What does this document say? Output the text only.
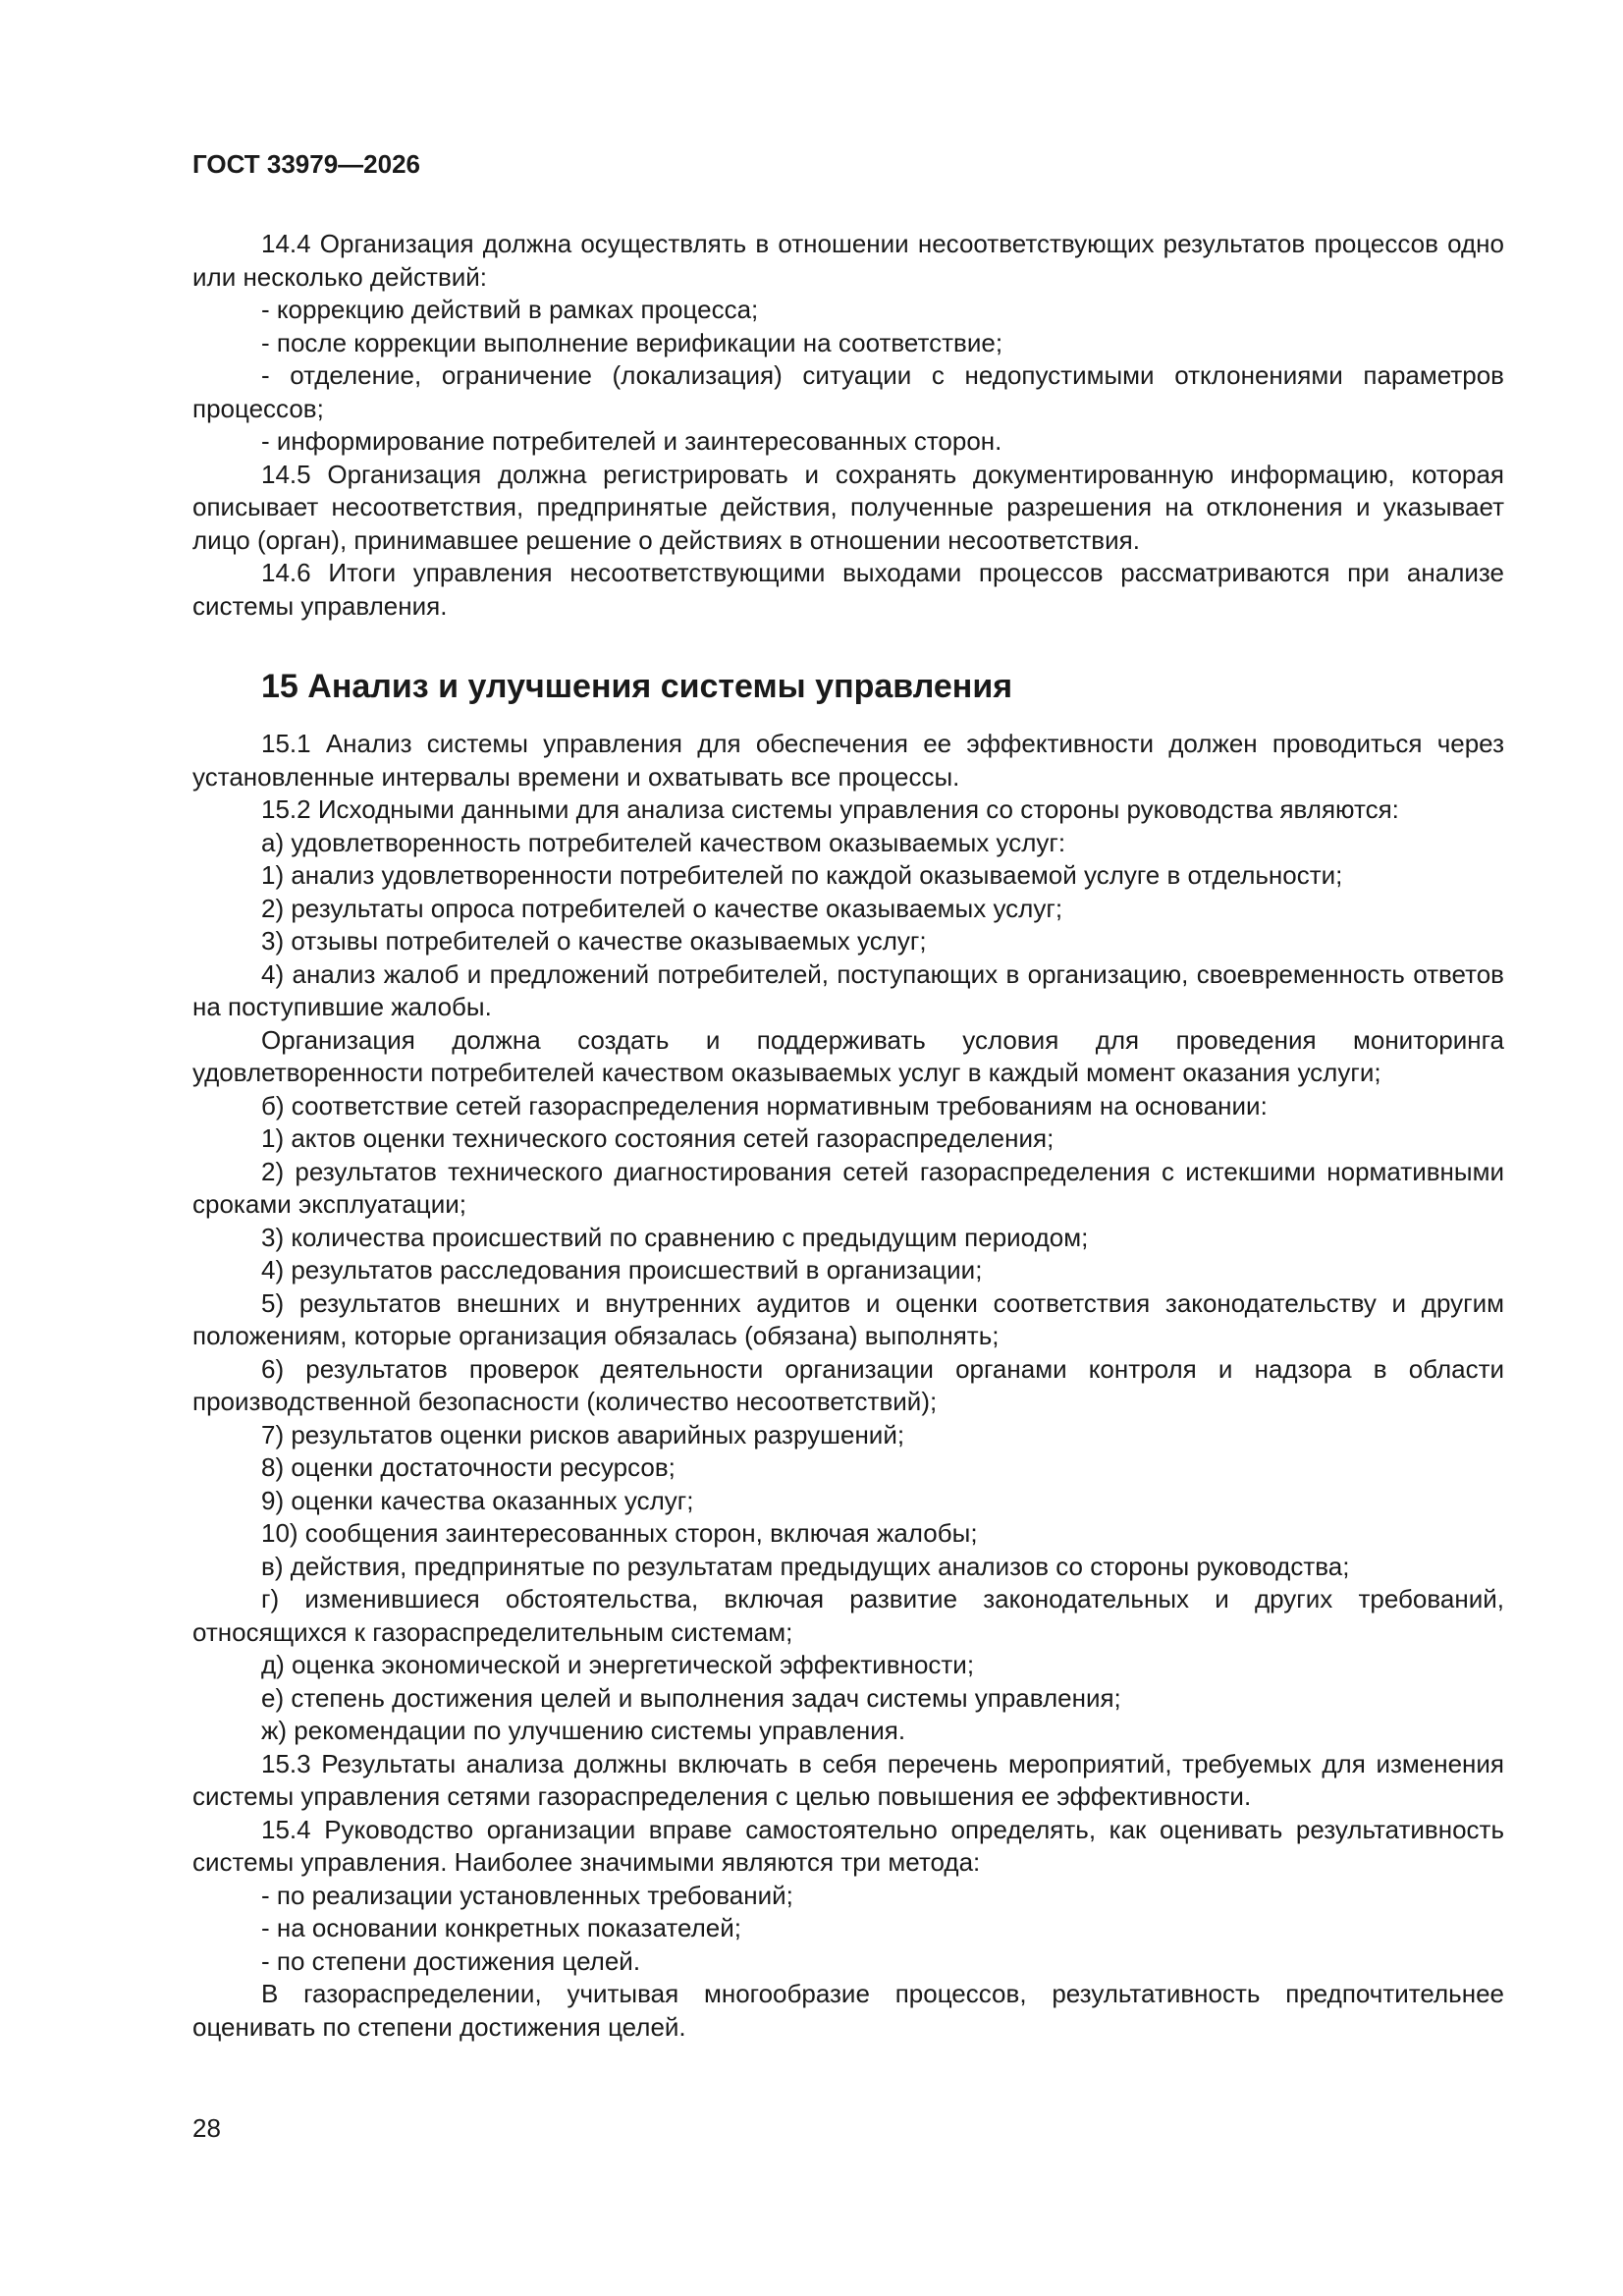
ГОСТ 33979—2026

14.4 Организация должна осуществлять в отношении несоответствующих результатов процессов одно или несколько действий:

- коррекцию действий в рамках процесса;

- после коррекции выполнение верификации на соответствие;

- отделение, ограничение (локализация) ситуации с недопустимыми отклонениями параметров процессов;

- информирование потребителей и заинтересованных сторон.

14.5 Организация должна регистрировать и сохранять документированную информацию, которая описывает несоответствия, предпринятые действия, полученные разрешения на отклонения и указывает лицо (орган), принимавшее решение о действиях в отношении несоответствия.

14.6 Итоги управления несоответствующими выходами процессов рассматриваются при анализе системы управления.

15 Анализ и улучшения системы управления

15.1 Анализ системы управления для обеспечения ее эффективности должен проводиться через установленные интервалы времени и охватывать все процессы.

15.2 Исходными данными для анализа системы управления со стороны руководства являются:

а) удовлетворенность потребителей качеством оказываемых услуг:

1) анализ удовлетворенности потребителей по каждой оказываемой услуге в отдельности;

2) результаты опроса потребителей о качестве оказываемых услуг;

3) отзывы потребителей о качестве оказываемых услуг;

4) анализ жалоб и предложений потребителей, поступающих в организацию, своевременность ответов на поступившие жалобы.

Организация должна создать и поддерживать условия для проведения мониторинга удовлетворенности потребителей качеством оказываемых услуг в каждый момент оказания услуги;

б) соответствие сетей газораспределения нормативным требованиям на основании:

1) актов оценки технического состояния сетей газораспределения;

2) результатов технического диагностирования сетей газораспределения с истекшими нормативными сроками эксплуатации;

3) количества происшествий по сравнению с предыдущим периодом;

4) результатов расследования происшествий в организации;

5) результатов внешних и внутренних аудитов и оценки соответствия законодательству и другим положениям, которые организация обязалась (обязана) выполнять;

6) результатов проверок деятельности организации органами контроля и надзора в области производственной безопасности (количество несоответствий);

7) результатов оценки рисков аварийных разрушений;

8) оценки достаточности ресурсов;

9) оценки качества оказанных услуг;

10) сообщения заинтересованных сторон, включая жалобы;

в) действия, предпринятые по результатам предыдущих анализов со стороны руководства;

г) изменившиеся обстоятельства, включая развитие законодательных и других требований, относящихся к газораспределительным системам;

д) оценка экономической и энергетической эффективности;

е) степень достижения целей и выполнения задач системы управления;

ж) рекомендации по улучшению системы управления.

15.3 Результаты анализа должны включать в себя перечень мероприятий, требуемых для изменения системы управления сетями газораспределения с целью повышения ее эффективности.

15.4 Руководство организации вправе самостоятельно определять, как оценивать результативность системы управления. Наиболее значимыми являются три метода:

- по реализации установленных требований;

- на основании конкретных показателей;

- по степени достижения целей.

В газораспределении, учитывая многообразие процессов, результативность предпочтительнее оценивать по степени достижения целей.

28
